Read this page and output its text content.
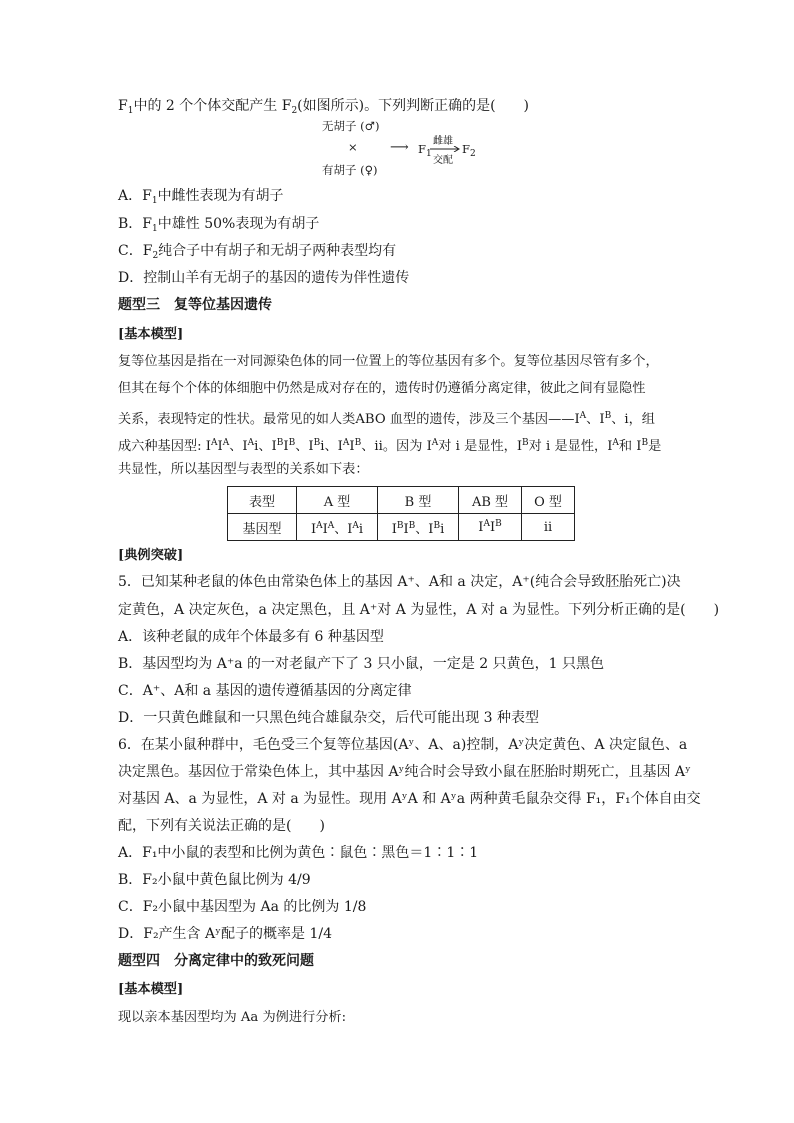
$F_1$中的 2 个个体交配产生 $F_2$(如图所示)。下列判断正确的是(　　)
无胡子 (♂)
×
有胡子 (♀)
⟶ $F_1$
雌雄
交配
$F_2$
A．$F_1$中雌性表现为有胡子
B．$F_1$中雄性 50%表现为有胡子
C．$F_2$纯合子中有胡子和无胡子两种表型均有
D．控制山羊有无胡子的基因的遗传为伴性遗传
题型三　复等位基因遗传
[基本模型]
复等位基因是指在一对同源染色体的同一位置上的等位基因有多个。复等位基因尽管有多个，
但其在每个个体的体细胞中仍然是成对存在的，遗传时仍遵循分离定律，彼此之间有显隐性
关系，表现特定的性状。最常见的如人类ABO 血型的遗传，涉及三个基因$——I^A$、$I^B$、i，组
成六种基因型: $I^AI^A$、$I^Ai$、$I^BI^B$、$I^Bi$、$I^AI^B$、ii。因为 $I^A$对 i 是显性，$I^B$对 i 是显性，$I^A$和 $I^B$是
共显性，所以基因型与表型的关系如下表：
表型	A 型	B 型	AB 型	O 型
基因型	$I^AI^A$、$I^Ai$	$I^BI^B$、$I^Bi$	$I^AI^B$	ii
[典例突破]
5．已知某种老鼠的体色由常染色体上的基因 A⁺、A和 a 决定，A⁺(纯合会导致胚胎死亡)决
定黄色，A 决定灰色，a 决定黑色，且 A⁺对 A 为显性，A 对 a 为显性。下列分析正确的是(　　)
A．该种老鼠的成年个体最多有 6 种基因型
B．基因型均为 A⁺a 的一对老鼠产下了 3 只小鼠，一定是 2 只黄色，1 只黑色
C．A⁺、A和 a 基因的遗传遵循基因的分离定律
D．一只黄色雌鼠和一只黑色纯合雄鼠杂交，后代可能出现 3 种表型
6．在某小鼠种群中，毛色受三个复等位基因(Aʸ、A、a)控制，Aʸ决定黄色、A 决定鼠色、a
决定黑色。基因位于常染色体上，其中基因 Aʸ纯合时会导致小鼠在胚胎时期死亡，且基因 Aʸ
对基因 A、a 为显性，A 对 a 为显性。现用 AʸA 和 Aʸa 两种黄毛鼠杂交得 F₁，F₁个体自由交
配，下列有关说法正确的是(　　)
A．F₁中小鼠的表型和比例为黄色∶鼠色∶黑色＝1∶1∶1
B．F₂小鼠中黄色鼠比例为 4/9
C．F₂小鼠中基因型为 Aa 的比例为 1/8
D．F₂产生含 Aʸ配子的概率是 1/4
题型四　分离定律中的致死问题
[基本模型]
现以亲本基因型均为 Aa 为例进行分析:
